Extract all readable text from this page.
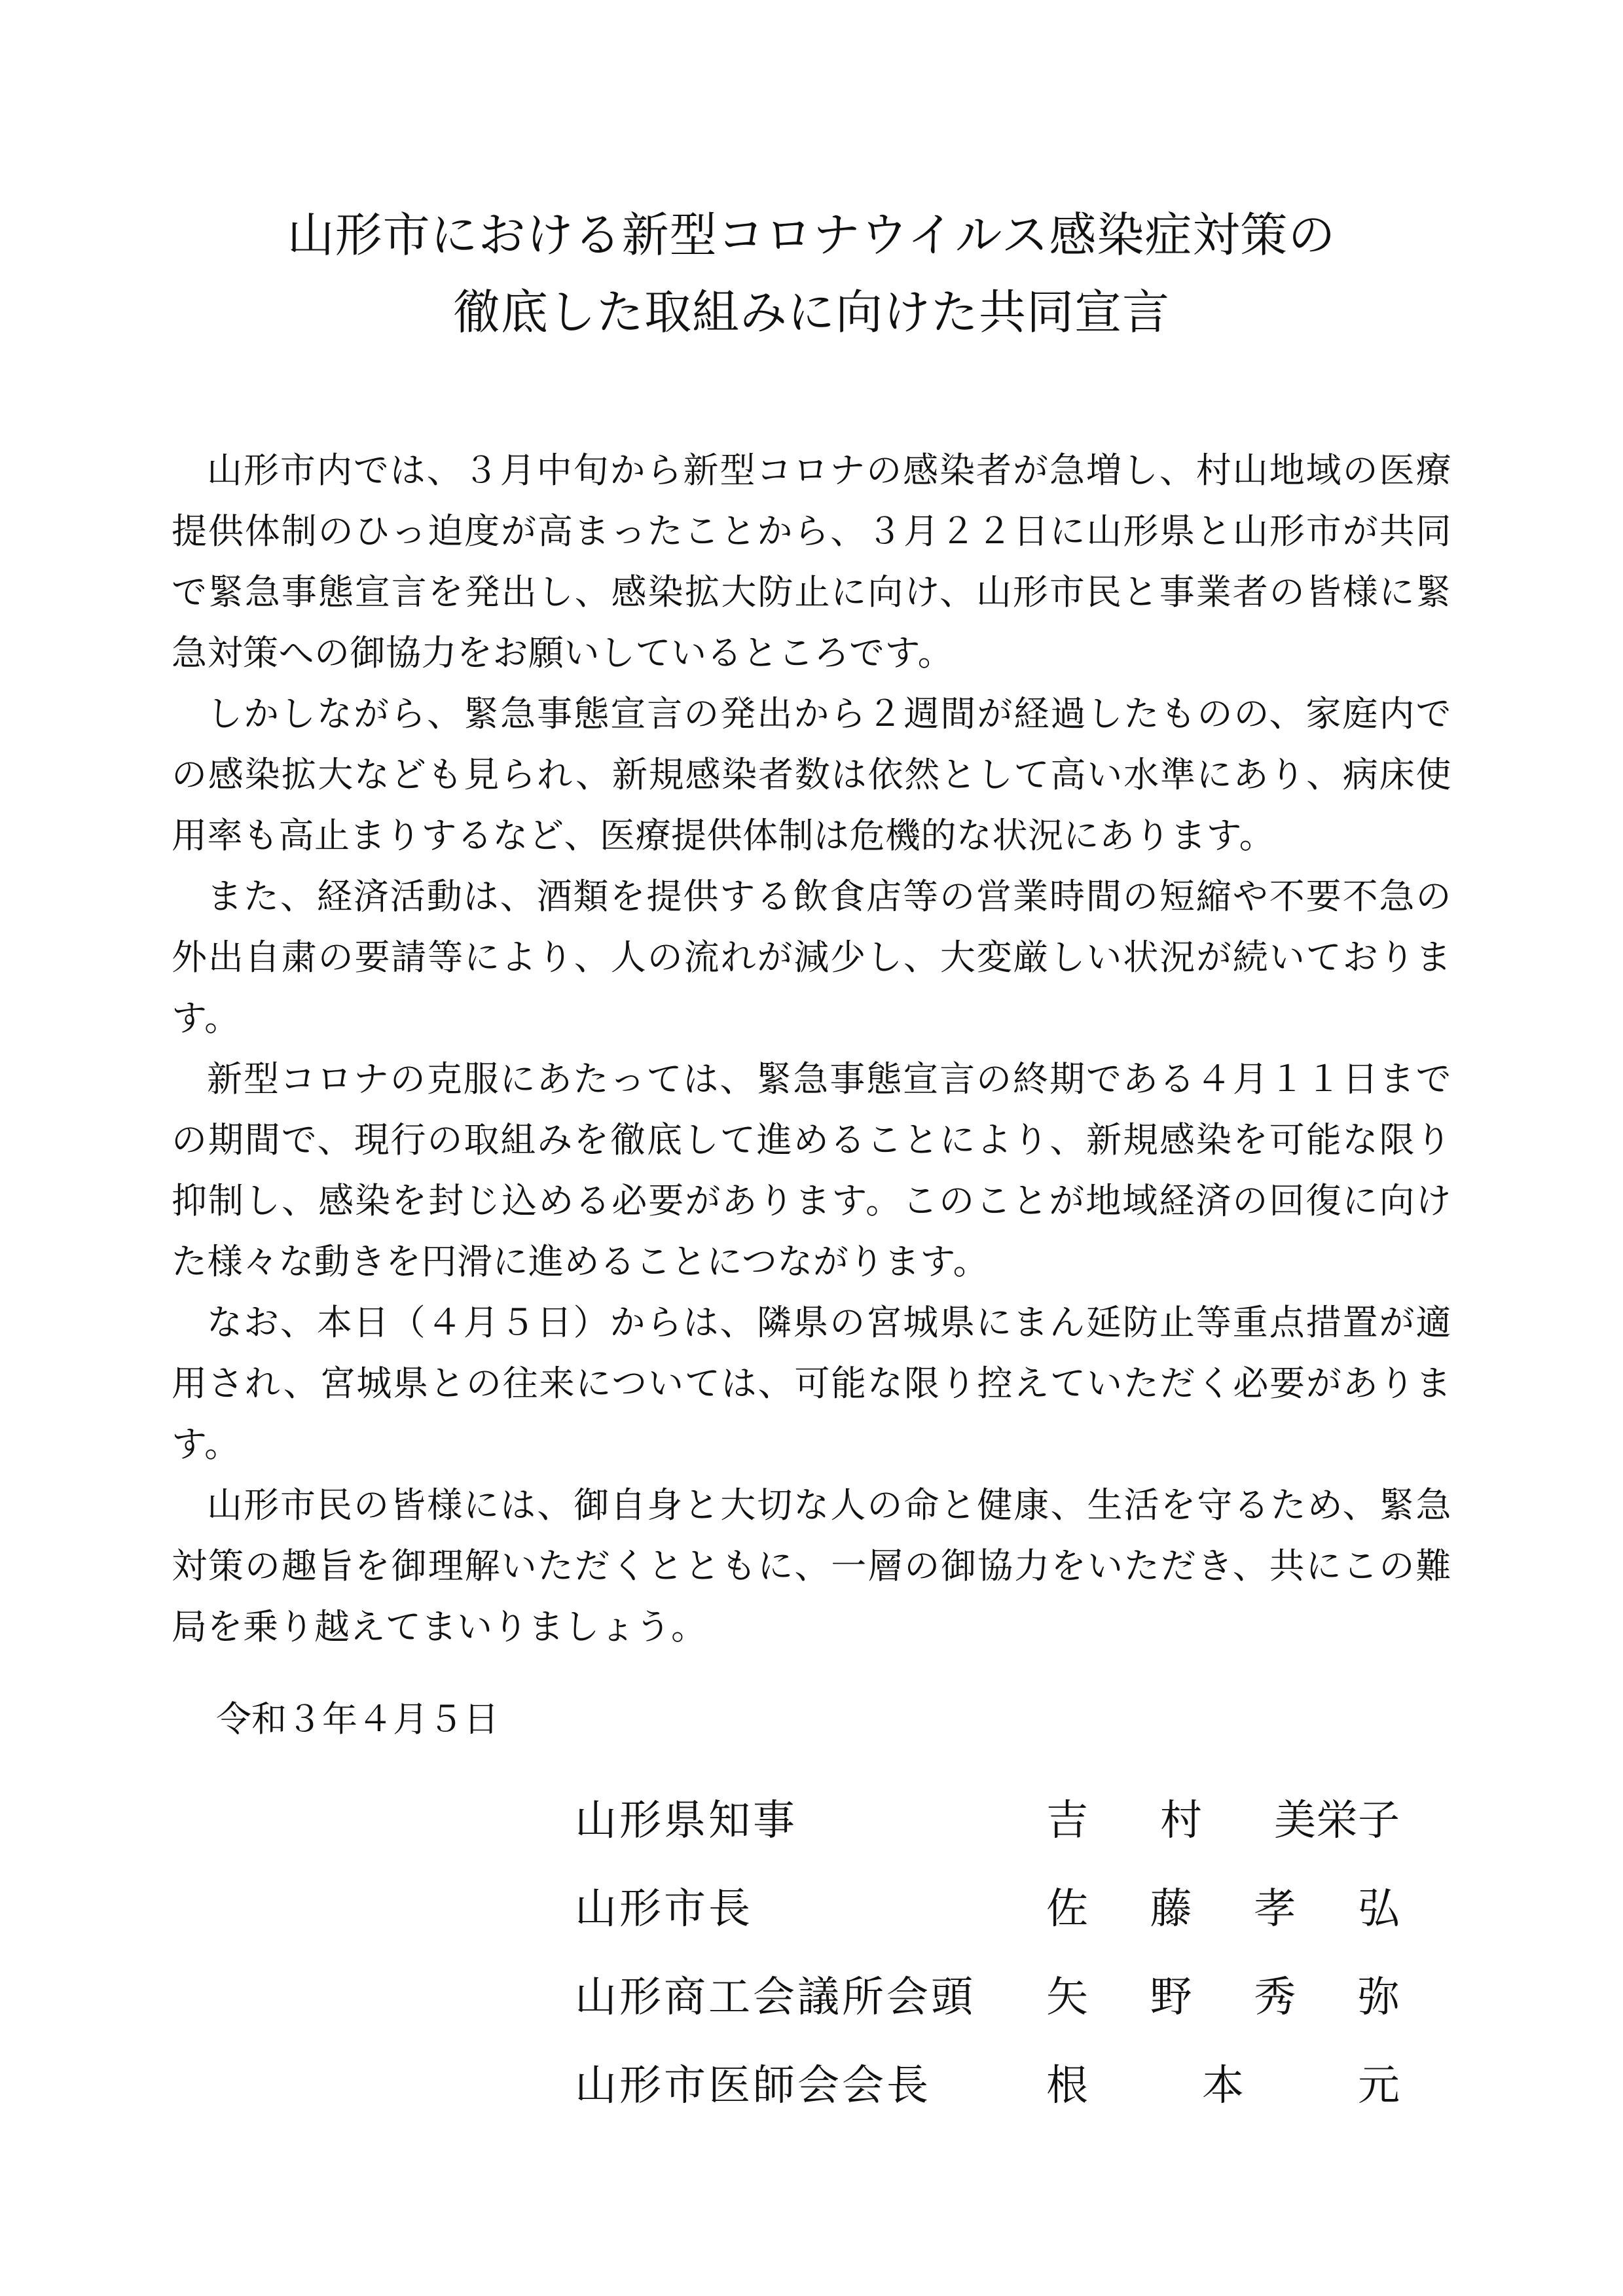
山形市における新型コロナウイルス感染症対策の
徹底した取組みに向けた共同宣言

山形市内では、３月中旬から新型コロナの感染者が急増し、村山地域の医療提供体制のひっ迫度が高まったことから、３月２２日に山形県と山形市が共同で緊急事態宣言を発出し、感染拡大防止に向け、山形市民と事業者の皆様に緊急対策への御協力をお願いしているところです。

しかしながら、緊急事態宣言の発出から２週間が経過したものの、家庭内での感染拡大なども見られ、新規感染者数は依然として高い水準にあり、病床使用率も高止まりするなど、医療提供体制は危機的な状況にあります。

また、経済活動は、酒類を提供する飲食店等の営業時間の短縮や不要不急の外出自粛の要請等により、人の流れが減少し、大変厳しい状況が続いております。

新型コロナの克服にあたっては、緊急事態宣言の終期である４月１１日までの期間で、現行の取組みを徹底して進めることにより、新規感染を可能な限り抑制し、感染を封じ込める必要があります。このことが地域経済の回復に向けた様々な動きを円滑に進めることにつながります。

なお、本日（４月５日）からは、隣県の宮城県にまん延防止等重点措置が適用され、宮城県との往来については、可能な限り控えていただく必要があります。

山形市民の皆様には、御自身と大切な人の命と健康、生活を守るため、緊急対策の趣旨を御理解いただくとともに、一層の御協力をいただき、共にこの難局を乗り越えてまいりましょう。

令和３年４月５日
山形県知事	吉 村 美栄子
山形市長	佐 藤 孝 弘
山形商工会議所会頭 矢 野 秀 弥
山形市医師会会長	根	本	元
